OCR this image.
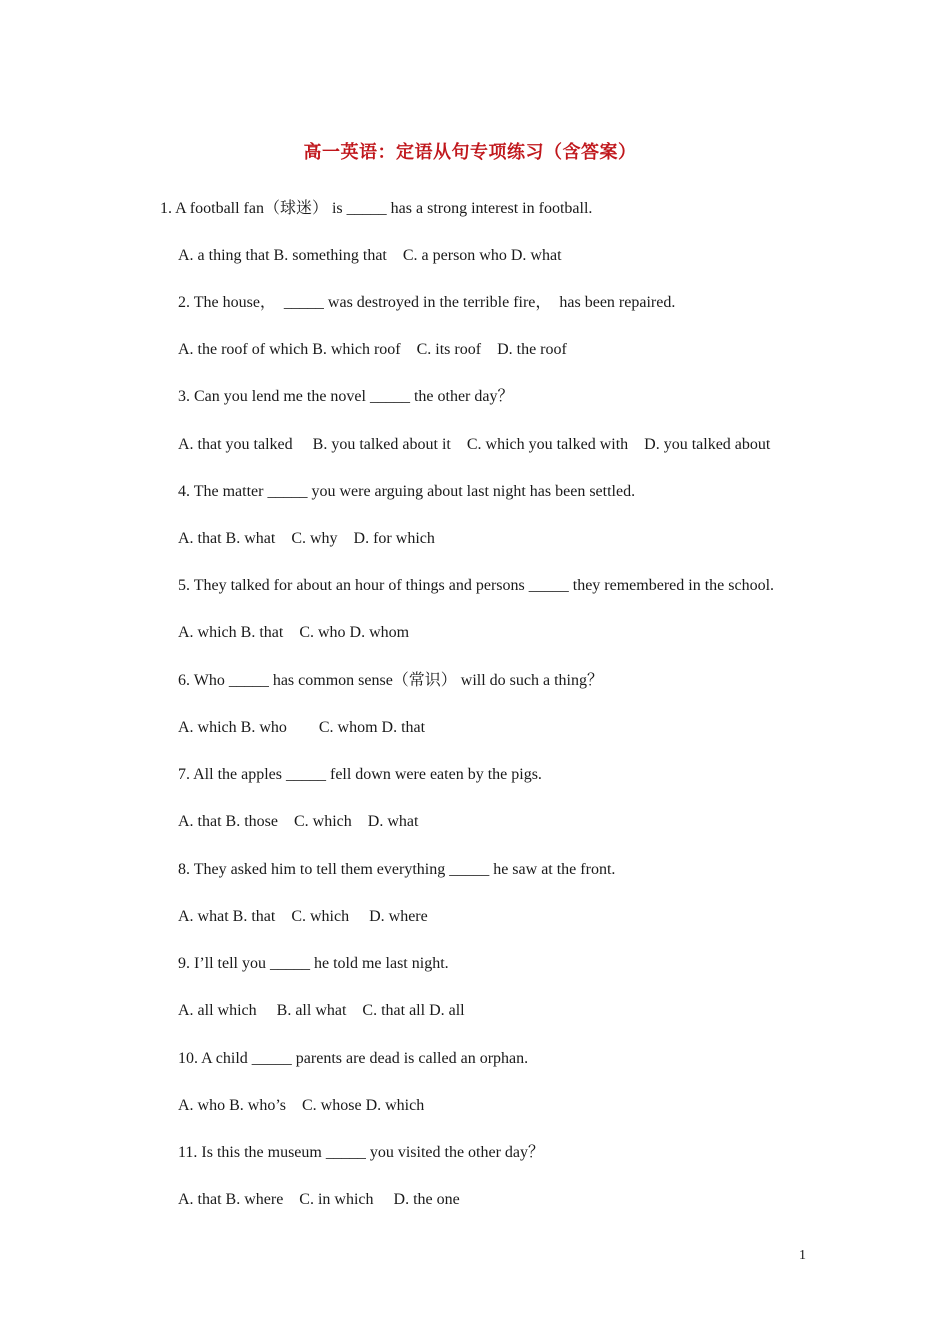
高一英语：定语从句专项练习（含答案）
1. A football fan（球迷） is _____ has a strong interest in football.
A. a thing that B. something that    C. a person who D. what
2. The house，  _____ was destroyed in the terrible fire，  has been repaired.
A. the roof of which B. which roof    C. its roof    D. the roof
3. Can you lend me the novel _____ the other day？
A. that you talked     B. you talked about it    C. which you talked with    D. you talked about
4. The matter _____ you were arguing about last night has been settled.
A. that B. what    C. why    D. for which
5. They talked for about an hour of things and persons _____ they remembered in the school.
A. which B. that    C. who D. whom
6. Who _____ has common sense（常识） will do such a thing？
A. which B. who        C. whom D. that
7. All the apples _____ fell down were eaten by the pigs.
A. that B. those    C. which    D. what
8. They asked him to tell them everything _____ he saw at the front.
A. what B. that    C. which     D. where
9. I’ll tell you _____ he told me last night.
A. all which     B. all what    C. that all D. all
10. A child _____ parents are dead is called an orphan.
A. who B. who’s    C. whose D. which
11. Is this the museum _____ you visited the other day？
A. that B. where    C. in which     D. the one
1
